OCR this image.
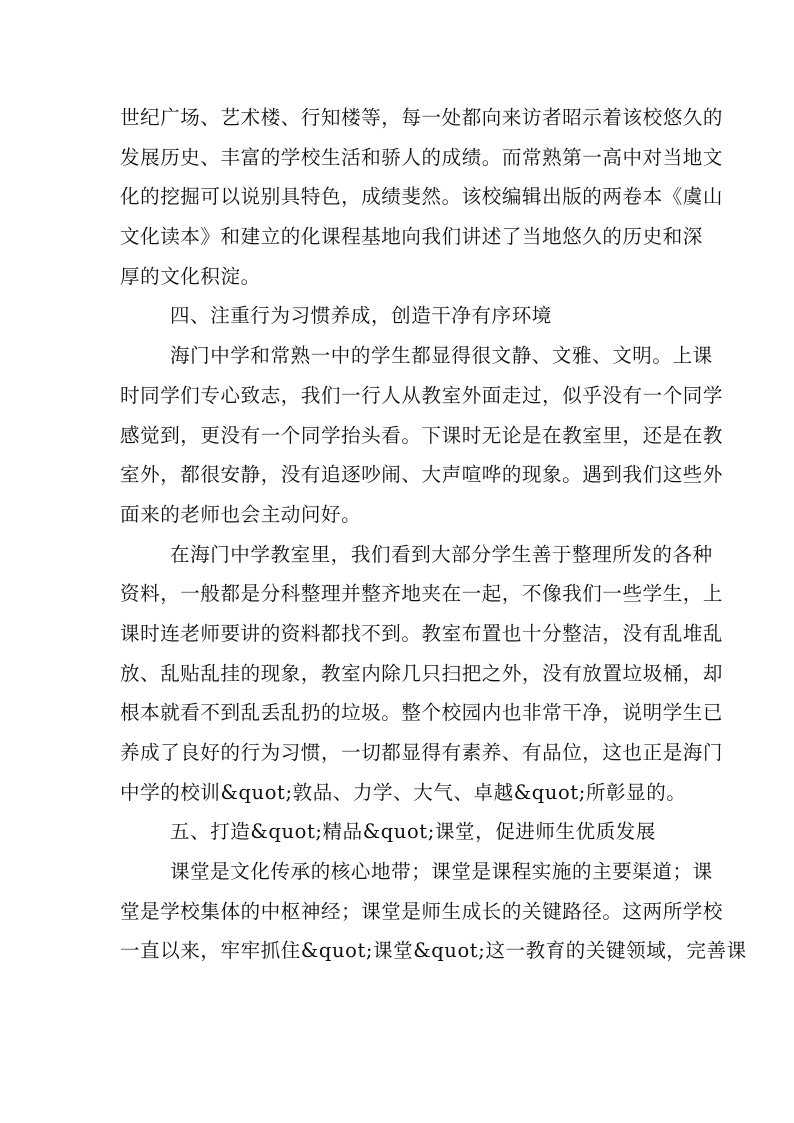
世纪广场、艺术楼、行知楼等，每一处都向来访者昭示着该校悠久的
发展历史、丰富的学校生活和骄人的成绩。而常熟第一高中对当地文
化的挖掘可以说别具特色，成绩斐然。该校编辑出版的两卷本《虞山
文化读本》和建立的化课程基地向我们讲述了当地悠久的历史和深
厚的文化积淀。
四、注重行为习惯养成，创造干净有序环境
海门中学和常熟一中的学生都显得很文静、文雅、文明。上课
时同学们专心致志，我们一行人从教室外面走过，似乎没有一个同学
感觉到，更没有一个同学抬头看。下课时无论是在教室里，还是在教
室外，都很安静，没有追逐吵闹、大声喧哗的现象。遇到我们这些外
面来的老师也会主动问好。
在海门中学教室里，我们看到大部分学生善于整理所发的各种
资料，一般都是分科整理并整齐地夹在一起，不像我们一些学生，上
课时连老师要讲的资料都找不到。教室布置也十分整洁，没有乱堆乱
放、乱贴乱挂的现象，教室内除几只扫把之外，没有放置垃圾桶，却
根本就看不到乱丢乱扔的垃圾。整个校园内也非常干净，说明学生已
养成了良好的行为习惯，一切都显得有素养、有品位，这也正是海门
中学的校训&quot;敦品、力学、大气、卓越&quot;所彰显的。
五、打造&quot;精品&quot;课堂，促进师生优质发展
课堂是文化传承的核心地带；课堂是课程实施的主要渠道；课
堂是学校集体的中枢神经；课堂是师生成长的关键路径。这两所学校
一直以来，牢牢抓住&quot;课堂&quot;这一教育的关键领域，完善课
